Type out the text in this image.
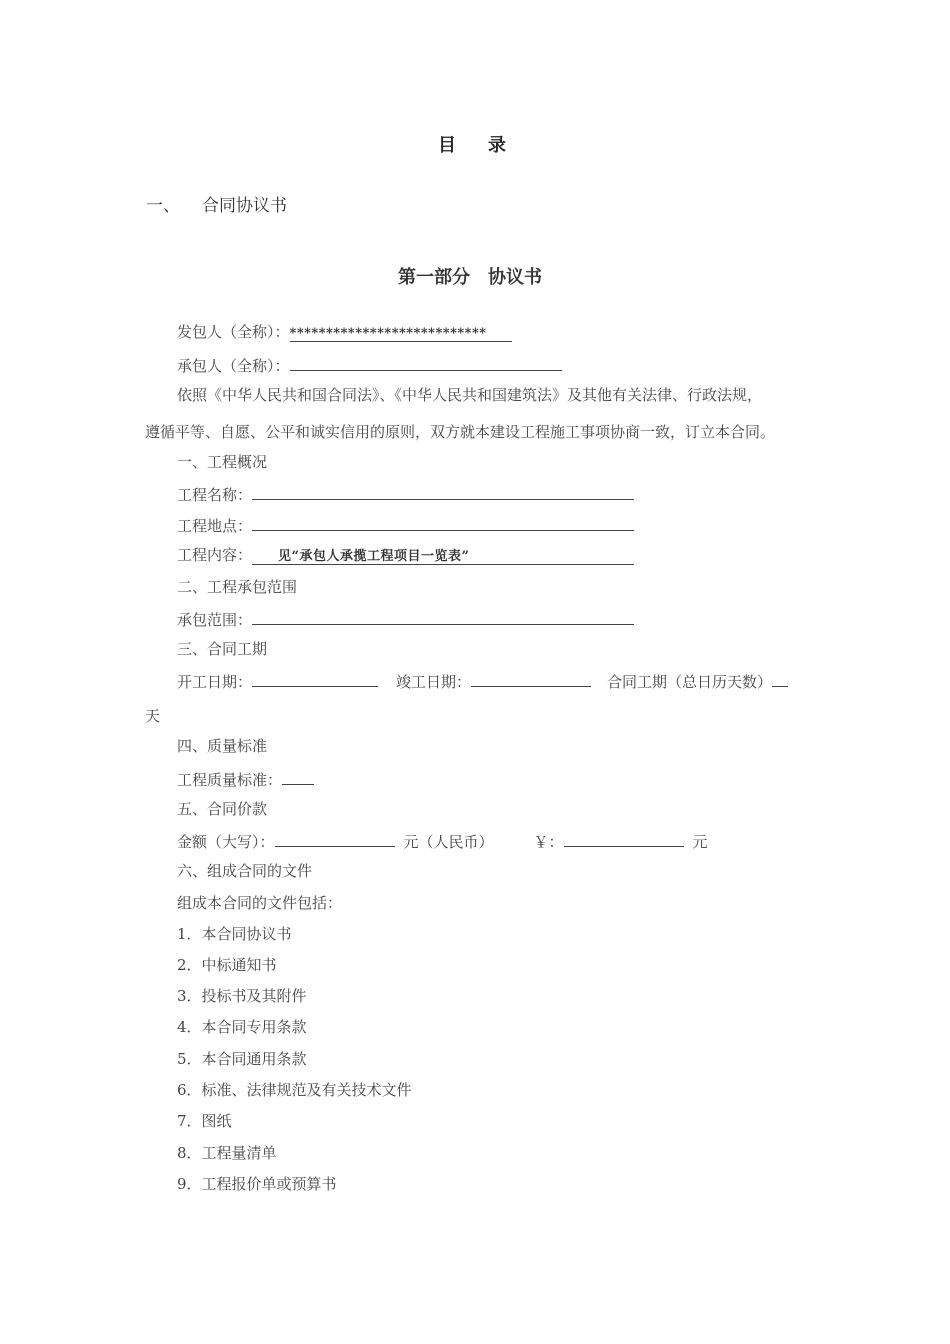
目录
一、 合同协议书
第一部分　协议书
发包人（全称）：***************************
承包人（全称）：
依照《中华人民共和国合同法》、《中华人民共和国建筑法》及其他有关法律、行政法规，
遵循平等、自愿、公平和诚实信用的原则，双方就本建设工程施工事项协商一致，订立本合同。
一、工程概况
工程名称：
工程地点：
工程内容： 见“承包人承揽工程项目一览表”
二、工程承包范围
承包范围：
三、合同工期
开工日期：	竣工日期：	合同工期（总日历天数）
天
四、质量标准
工程质量标准：
五、合同价款
金额（大写）：	元（人民币）	￥：	元
六、组成合同的文件
组成本合同的文件包括：
1．本合同协议书
2．中标通知书
3．投标书及其附件
4．本合同专用条款
5．本合同通用条款
6．标准、法律规范及有关技术文件
7．图纸
8．工程量清单
9．工程报价单或预算书
